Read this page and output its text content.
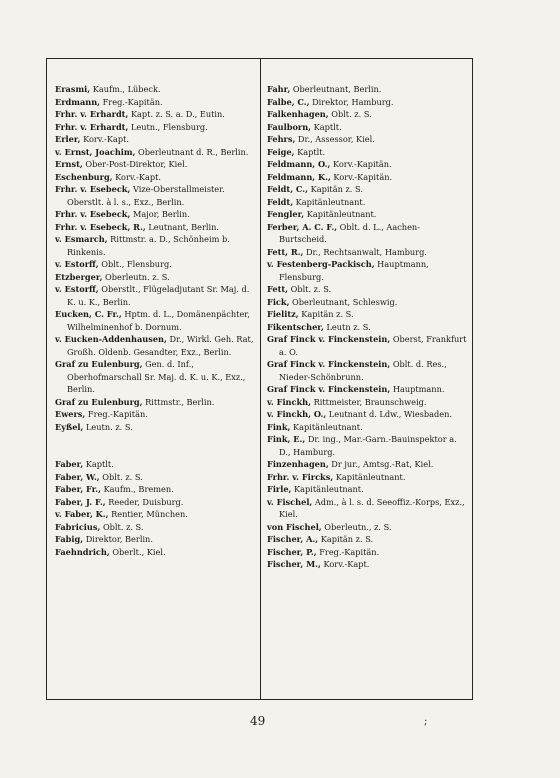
Erasmi, Kaufm., Lübeck.
Erdmann, Freg.-Kapitän.
Frhr. v. Erhardt, Kapt. z. S. a. D., Eutin.
Frhr. v. Erhardt, Leutn., Flensburg.
Erler, Korv.-Kapt.
v. Ernst, Joachim, Oberleutnant d. R., Berlin.
Ernst, Ober-Post-Direktor, Kiel.
Eschenburg, Korv.-Kapt.
Frhr. v. Esebeck, Vize-Oberstallmeister. Oberstlt. à l. s., Exz., Berlin.
Frhr. v. Esebeck, Major, Berlin.
Frhr. v. Esebeck, R., Leutnant, Berlin.
v. Esmarch, Rittmstr. a. D., Schönheim b. Rinkenis.
v. Estorff, Oblt., Flensburg.
Etzberger, Oberleutn. z. S.
v. Estorff, Oberstlt., Flügeladjutant Sr. Maj. d. K. u. K., Berlin.
Eucken, C. Fr., Hptm. d. L., Domänenpächter, Wilhelminenhof b. Dornum.
v. Eucken-Addenhausen, Dr., Wirkl. Geh. Rat, Großh. Oldenb. Gesandter, Exz., Berlin.
Graf zu Eulenburg, Gen. d. Inf., Oberhofmarschall Sr. Maj. d. K. u. K., Exz., Berlin.
Graf zu Eulenburg, Rittmstr., Berlin.
Ewers, Freg.-Kapitän.
Eyßel, Leutn. z. S.
Faber, Kaptlt.
Faber, W., Oblt. z. S.
Faber, Fr., Kaufm., Bremen.
Faber, J. F., Reeder, Duisburg.
v. Faber, K., Rentier, München.
Fabricius, Oblt. z. S.
Fabig, Direktor, Berlin.
Faehndrich, Oberlt., Kiel.
Fahr, Oberleutnant, Berlin.
Falbe, C., Direktor, Hamburg.
Falkenhagen, Oblt. z. S.
Faulborn, Kaptlt.
Fehrs, Dr., Assessor, Kiel.
Feige, Kaptlt.
Feldmann, O., Korv.-Kapitän.
Feldmann, K., Korv.-Kapitän.
Feldt, C., Kapitän z. S.
Feldt, Kapitänleutnant.
Fengler, Kapitänleutnant.
Ferber, A. C. F., Oblt. d. L., Aachen-Burtscheid.
Fett, R., Dr., Rechtsanwalt, Hamburg.
v. Festenberg-Packisch, Hauptmann, Flensburg.
Fett, Oblt. z. S.
Fick, Oberleutnant, Schleswig.
Fielitz, Kapitän z. S.
Fikentscher, Leutn z. S.
Graf Finck v. Finckenstein, Oberst, Frankfurt a. O.
Graf Finck v. Finckenstein, Oblt. d. Res., Nieder-Schönbrunn.
Graf Finck v. Finckenstein, Hauptmann.
v. Finckh, Rittmeister, Braunschweig.
v. Finckh, O., Leutnant d. Ldw., Wiesbaden.
Fink, Kapitänleutnant.
Fink, E., Dr. ing., Mar.-Garn.-Bauinspektor a. D., Hamburg.
Finzenhagen, Dr jur., Amtsg.-Rat, Kiel.
Frhr. v. Fircks, Kapitänleutnant.
Firle, Kapitänleutnant.
v. Fischel, Adm., à l. s. d. Seeoffiz.-Korps, Exz., Kiel.
von Fischel, Oberleutn., z. S.
Fischer, A., Kapitän z. S.
Fischer, P., Freg.-Kapitän.
Fischer, M., Korv.-Kapt.
49	;
